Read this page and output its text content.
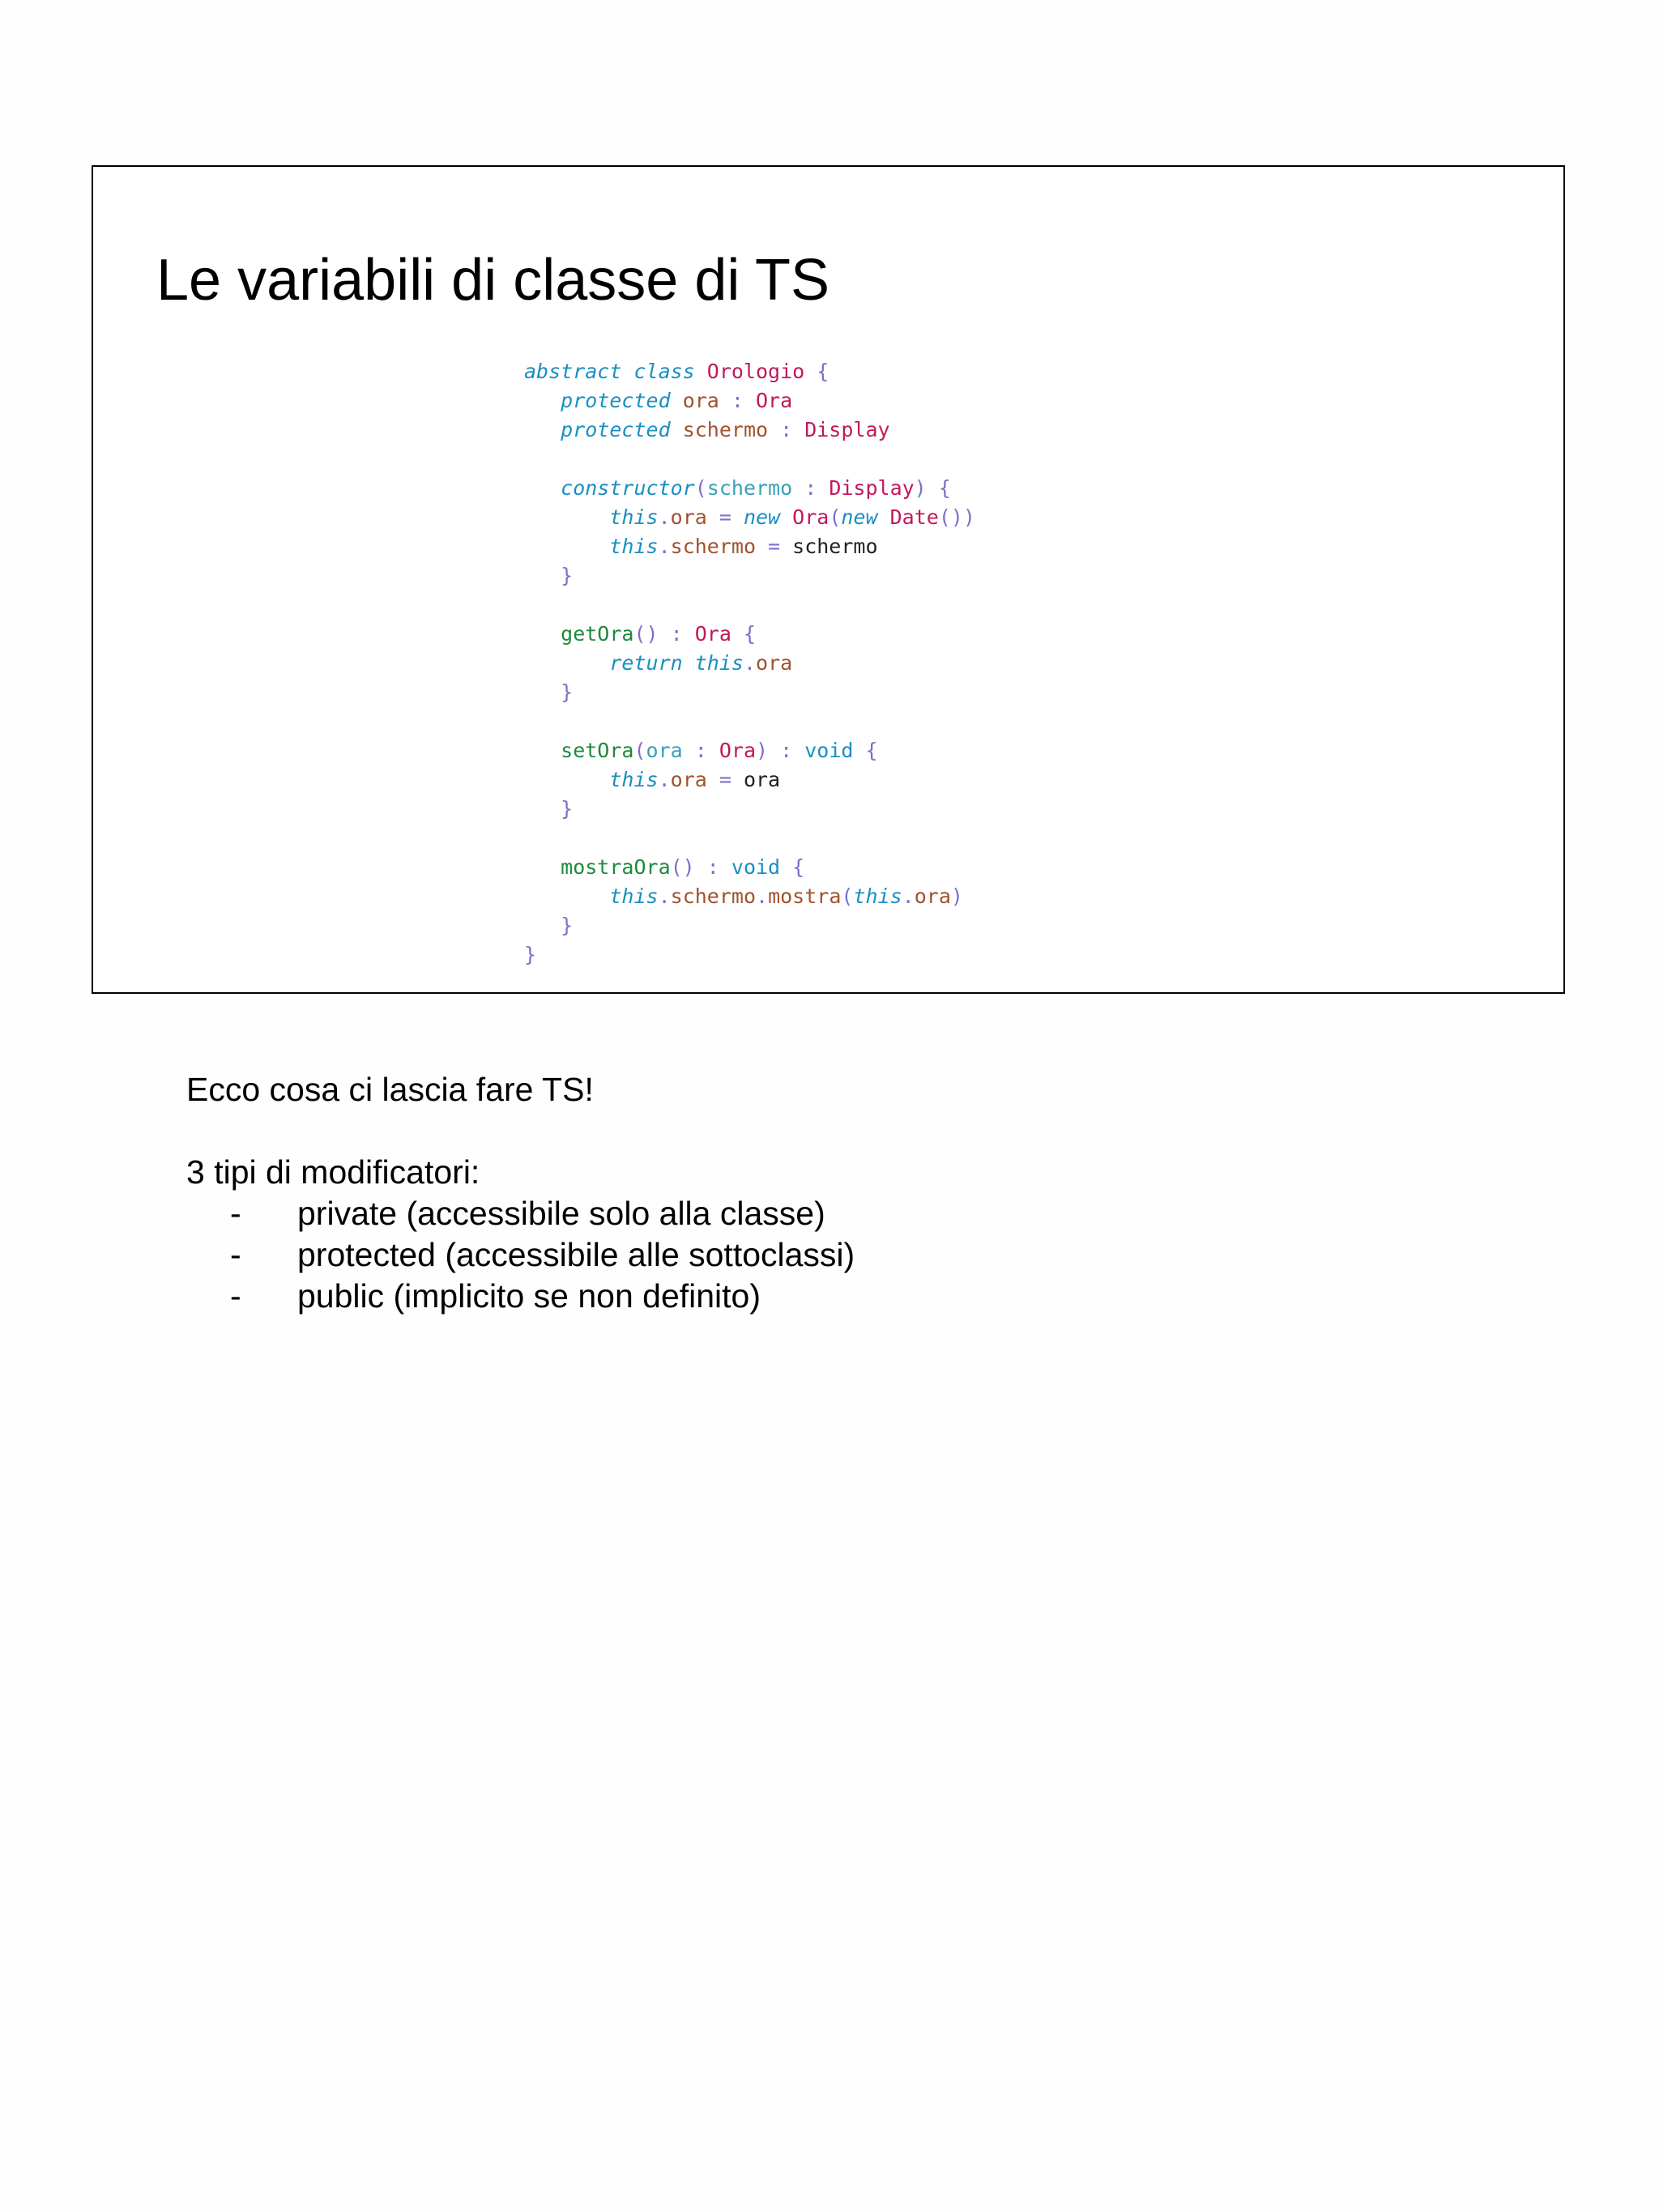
Le variabili di classe di TS
abstract class Orologio {
protected ora : Ora
protected schermo : Display
constructor(schermo : Display) {
this.ora = new Ora(new Date())
this.schermo = schermo
}
getOra() : Ora {
return this.ora
}
setOra(ora : Ora) : void {
this.ora = ora
}
mostraOra() : void {
this.schermo.mostra(this.ora)
}
}

Ecco cosa ci lascia fare TS!

3 tipi di modificatori:

- private (accessibile solo alla classe)
- protected (accessibile alle sottoclassi)
- public (implicito se non definito)
